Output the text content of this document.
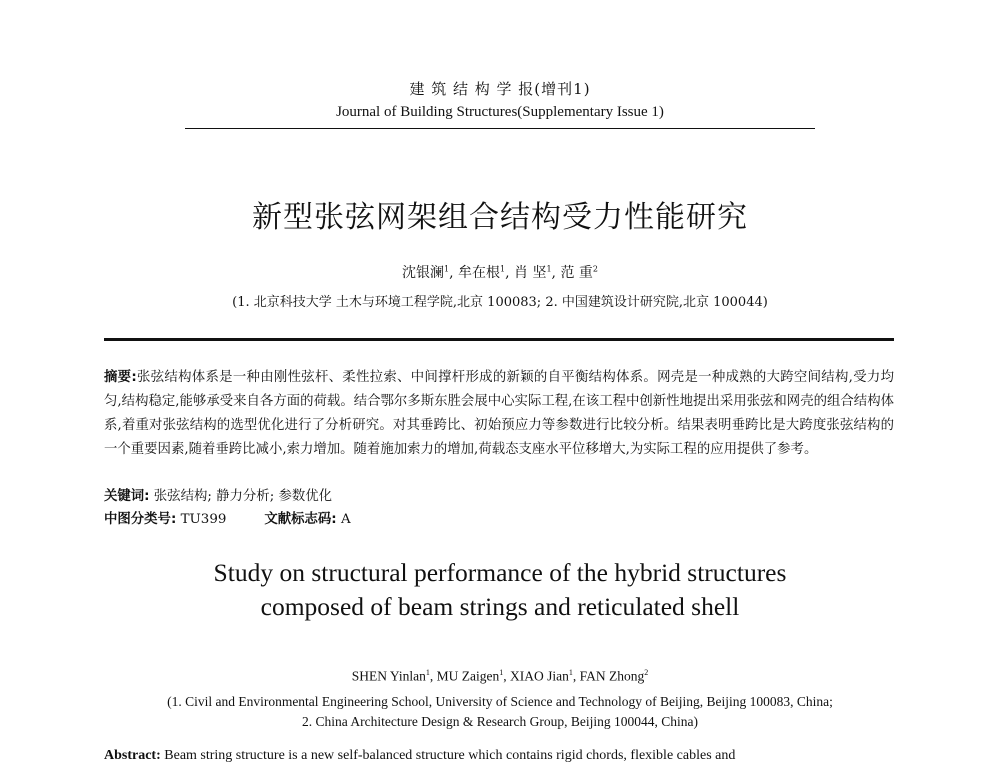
建 筑 结 构 学 报(增刊1)
Journal of Building Structures(Supplementary Issue 1)
新型张弦网架组合结构受力性能研究
沈银澜$^1$, 牟在根$^1$, 肖 坚$^1$, 范 重$^2$
(1. 北京科技大学 土木与环境工程学院,北京 100083; 2. 中国建筑设计研究院,北京 100044)
摘要:张弦结构体系是一种由刚性弦杆、柔性拉索、中间撑杆形成的新颖的自平衡结构体系。网壳是一种成熟的大跨空间结构,受力均匀,结构稳定,能够承受来自各方面的荷载。结合鄂尔多斯东胜会展中心实际工程,在该工程中创新性地提出采用张弦和网壳的组合结构体系,着重对张弦结构的选型优化进行了分析研究。对其垂跨比、初始预应力等参数进行比较分析。结果表明垂跨比是大跨度张弦结构的一个重要因素,随着垂跨比减小,索力增加。随着施加索力的增加,荷载态支座水平位移增大,为实际工程的应用提供了参考。
关键词: 张弦结构; 静力分析; 参数优化
中图分类号: TU399	文献标志码: A
Study on structural performance of the hybrid structures
composed of beam strings and reticulated shell
SHEN Yinlan$^1$, MU Zaigen$^1$, XIAO Jian$^1$, FAN Zhong$^2$
(1. Civil and Environmental Engineering School, University of Science and Technology of Beijing, Beijing 100083, China;
2. China Architecture Design & Research Group, Beijing 100044, China)
Abstract: Beam string structure is a new self-balanced structure which contains rigid chords, flexible cables and
